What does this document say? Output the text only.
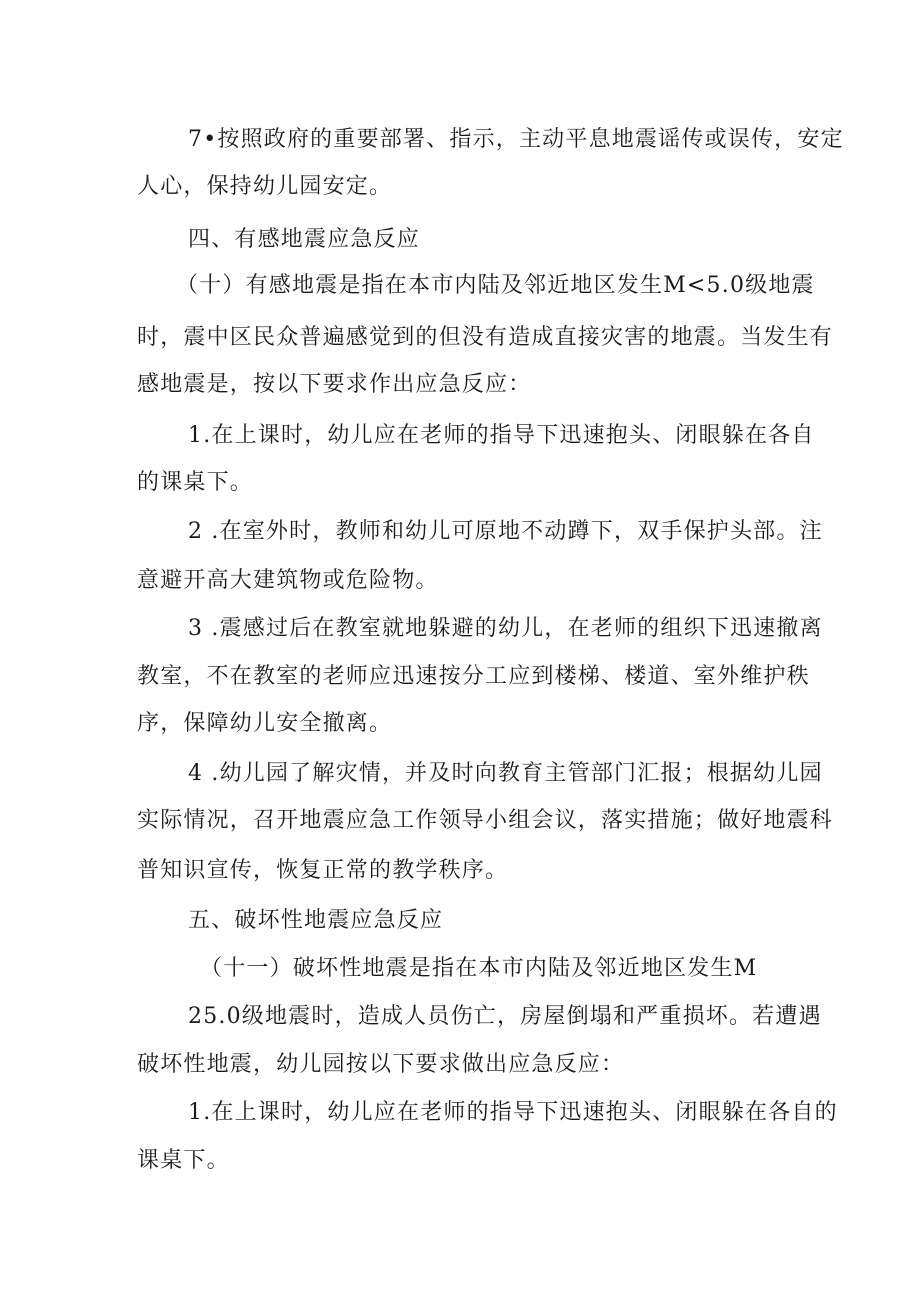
7•按照政府的重要部署、指示，主动平息地震谣传或误传，安定
人心，保持幼儿园安定。
四、有感地震应急反应
（十）有感地震是指在本市内陆及邻近地区发生M<5.0级地震
时，震中区民众普遍感觉到的但没有造成直接灾害的地震。当发生有
感地震是，按以下要求作出应急反应：
1.在上课时，幼儿应在老师的指导下迅速抱头、闭眼躲在各自
的课桌下。
2 .在室外时，教师和幼儿可原地不动蹲下，双手保护头部。注
意避开高大建筑物或危险物。
3 .震感过后在教室就地躲避的幼儿，在老师的组织下迅速撤离
教室，不在教室的老师应迅速按分工应到楼梯、楼道、室外维护秩
序，保障幼儿安全撤离。
4 .幼儿园了解灾情，并及时向教育主管部门汇报；根据幼儿园
实际情况，召开地震应急工作领导小组会议，落实措施；做好地震科
普知识宣传，恢复正常的教学秩序。
五、破坏性地震应急反应
（十一）破坏性地震是指在本市内陆及邻近地区发生M
25.0级地震时，造成人员伤亡，房屋倒塌和严重损坏。若遭遇
破坏性地震，幼儿园按以下要求做出应急反应：
1.在上课时，幼儿应在老师的指导下迅速抱头、闭眼躲在各自的
课桌下。
